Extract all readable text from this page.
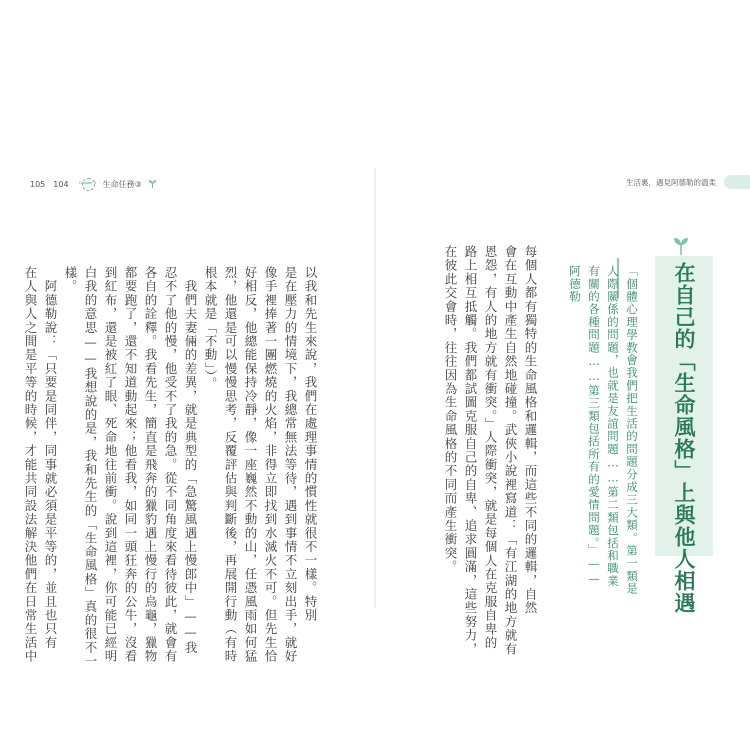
105　104	Chapter 3 生命任務③	生活裏，遇見阿德勒的溫柔
以我和先生來說，我們在處理事情的慣性就很不一樣。特別
是在壓力的情境下，我總常無法等待，遇到事情不立刻出手，就好
像手裡捧著一團燃燒的火焰，非得立即找到水滅火不可。但先生恰
好相反，他總能保持冷靜，像一座巍然不動的山，任憑風雨如何猛
烈，他還是可以慢慢思考，反覆評估與判斷後，再展開行動（有時
根本就是「不動」）。
　我們夫妻倆的差異，就是典型的「急驚風遇上慢郎中」——我
忍不了他的慢，他受不了我的急。從不同角度來看待彼此，就會有
各自的詮釋。我看先生，簡直是飛奔的獵豹遇上慢行的烏龜，獵物
都要跑了，還不知道動起來；他看我，如同一頭狂奔的公牛，沒看
到紅布，還是被紅了眼、死命地往前衝。說到這裡，你可能已經明
白我的意思——我想說的是，我和先生的「生命風格」真的很不一
樣。
　阿德勒說：「只要是同伴，同事就必須是平等的，並且也只有
在人與人之間是平等的時候，才能共同設法解決他們在日常生活中	在自己的「生命風格」上與他人相遇
「個體心理學教會我們把生活的問題分成三大類。第一類是
人際關係的問題，也就是友誼問題……第二類包括和職業
有關的各種問題……第三類包括所有的愛情問題。」——
阿德勒
每個人都有獨特的生命風格和邏輯，而這些不同的邏輯，自然
會在互動中產生自然地碰撞。武俠小說裡寫道：「有江湖的地方就有
恩怨，有人的地方就有衝突。」人際衝突，就是每個人在克服自卑的
路上相互抵觸。我們都試圖克服自己的自卑、追求圓滿，這些努力，
在彼此交會時，往往因為生命風格的不同而產生衝突。
